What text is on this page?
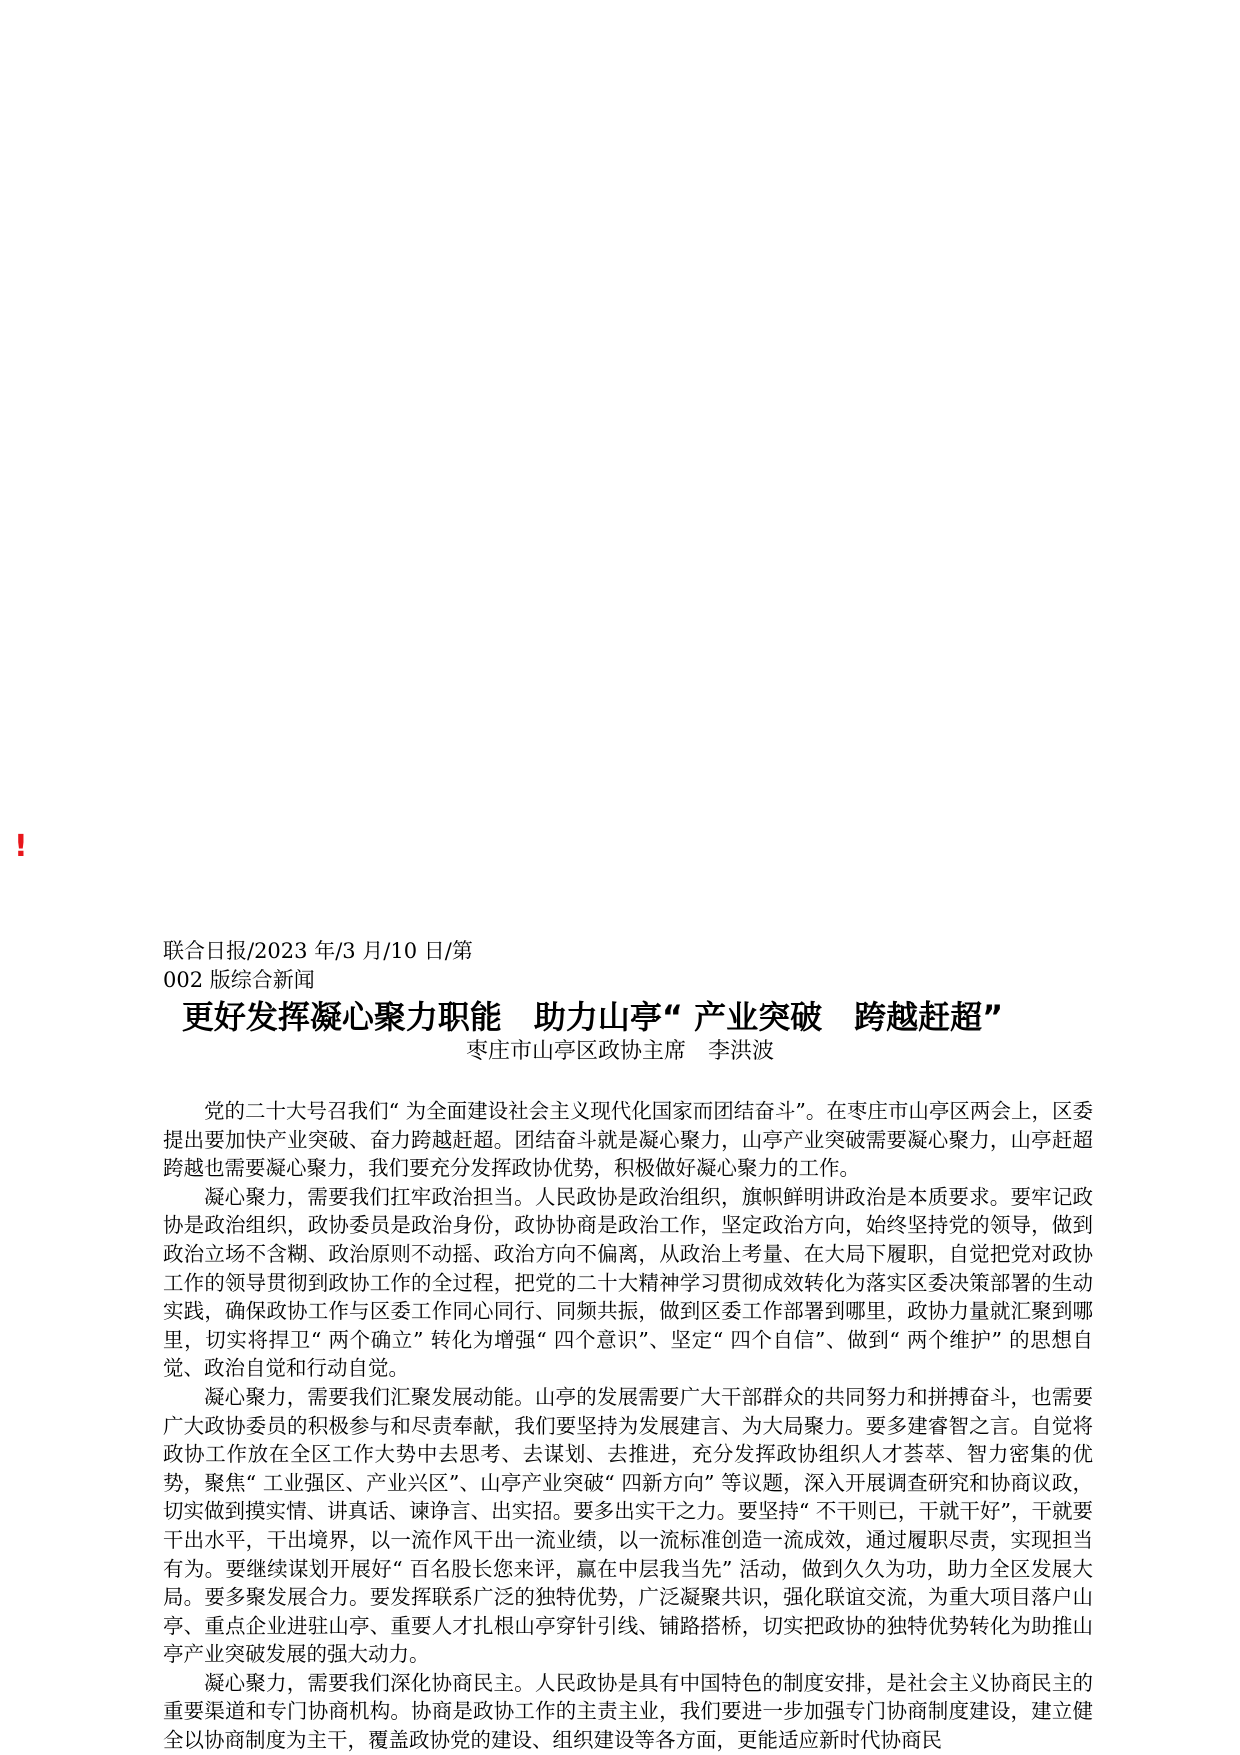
!
联合日报/2023 年/3 月/10 日/第 002 版综合新闻
更好发挥凝心聚力职能　助力山亭“ 产业突破　跨越赶超”
枣庄市山亭区政协主席　李洪波

党的二十大号召我们“ 为全面建设社会主义现代化国家而团结奋斗”。在枣庄市山亭区两会上，区委提出要加快产业突破、奋力跨越赶超。团结奋斗就是凝心聚力，山亭产业突破需要凝心聚力，山亭赶超跨越也需要凝心聚力，我们要充分发挥政协优势，积极做好凝心聚力的工作。

凝心聚力，需要我们扛牢政治担当。人民政协是政治组织，旗帜鲜明讲政治是本质要求。要牢记政协是政治组织，政协委员是政治身份，政协协商是政治工作，坚定政治方向，始终坚持党的领导，做到政治立场不含糊、政治原则不动摇、政治方向不偏离，从政治上考量、在大局下履职，自觉把党对政协工作的领导贯彻到政协工作的全过程，把党的二十大精神学习贯彻成效转化为落实区委决策部署的生动实践，确保政协工作与区委工作同心同行、同频共振，做到区委工作部署到哪里，政协力量就汇聚到哪里，切实将捍卫“ 两个确立” 转化为增强“ 四个意识”、坚定“ 四个自信”、做到“ 两个维护” 的思想自觉、政治自觉和行动自觉。

凝心聚力，需要我们汇聚发展动能。山亭的发展需要广大干部群众的共同努力和拼搏奋斗，也需要广大政协委员的积极参与和尽责奉献，我们要坚持为发展建言、为大局聚力。要多建睿智之言。自觉将政协工作放在全区工作大势中去思考、去谋划、去推进，充分发挥政协组织人才荟萃、智力密集的优势，聚焦“ 工业强区、产业兴区”、山亭产业突破“ 四新方向” 等议题，深入开展调查研究和协商议政，切实做到摸实情、讲真话、谏诤言、出实招。要多出实干之力。要坚持“ 不干则已，干就干好”，干就要干出水平，干出境界，以一流作风干出一流业绩，以一流标准创造一流成效，通过履职尽责，实现担当有为。要继续谋划开展好“ 百名股长您来评，赢在中层我当先” 活动，做到久久为功，助力全区发展大局。要多聚发展合力。要发挥联系广泛的独特优势，广泛凝聚共识，强化联谊交流，为重大项目落户山亭、重点企业进驻山亭、重要人才扎根山亭穿针引线、铺路搭桥，切实把政协的独特优势转化为助推山亭产业突破发展的强大动力。

凝心聚力，需要我们深化协商民主。人民政协是具有中国特色的制度安排，是社会主义协商民主的重要渠道和专门协商机构。协商是政协工作的主责主业，我们要进一步加强专门协商制度建设，建立健全以协商制度为主干，覆盖政协党的建设、组织建设等各方面，更能适应新时代协商民
